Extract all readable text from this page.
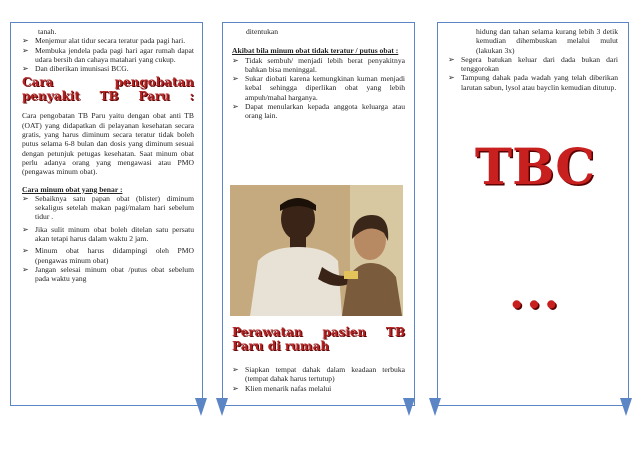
tanah.

➢ Menjemur alat tidur secara teratur pada pagi hari.

➢ Membuka jendela pada pagi hari agar rumah dapat udara bersih dan cahaya matahari yang cukup.

➢ Dan diberikan imunisasi BCG.

Cara pengobatan penyakit TB Paru :

Cara pengobatan TB Paru yaitu dengan obat anti TB (OAT) yang didapatkan di pelayanan kesehatan secara gratis, yang harus diminum secara teratur tidak boleh putus selama 6-8 bulan dan dosis yang diminum sesuai dengan petunjuk petugas kesehatan. Saat minum obat perlu adanya orang yang mengawasi atau PMO (pengawas minum obat).

Cara minum obat yang benar :

➢ Sebaiknya satu papan obat (blister) diminum sekaligus setelah makan pagi/malam hari sebelum tidur .

➢ Jika sulit minum obat boleh ditelan satu persatu akan tetapi harus dalam waktu 2 jam.

➢ Minum obat harus didampingi oleh PMO (pengawas minum obat)

➢ Jangan selesai minum obat /putus obat sebelum pada waktu yang

ditentukan

Akibat bila minum obat tidak teratur / putus obat :

➢ Tidak sembuh/ menjadi lebih berat penyakitnya bahkan bisa meninggal.

➢ Sukar diobati karena kemungkinan kuman menjadi kebal sehingga diperlikan obat yang lebih ampuh/mahal harganya.

➢ Dapat menularkan kepada anggota keluarga atau orang lain.

Perawatan pasien TB Paru di rumah

➢ Siapkan tempat dahak dalam keadaan terbuka (tempat dahak harus tertutup)

➢ Klien menarik nafas melalui

hidung dan tahan selama kurang lebih 3 detik kemudian dihembuskan melalui mulut (lakukan 3x)

➢ Segera batukan keluar dari dada bukan dari tenggorokan

➢ Tampung dahak pada wadah yang telah diberikan larutan sabun, lysol atau bayclin kemudian ditutup.

TBC
...
